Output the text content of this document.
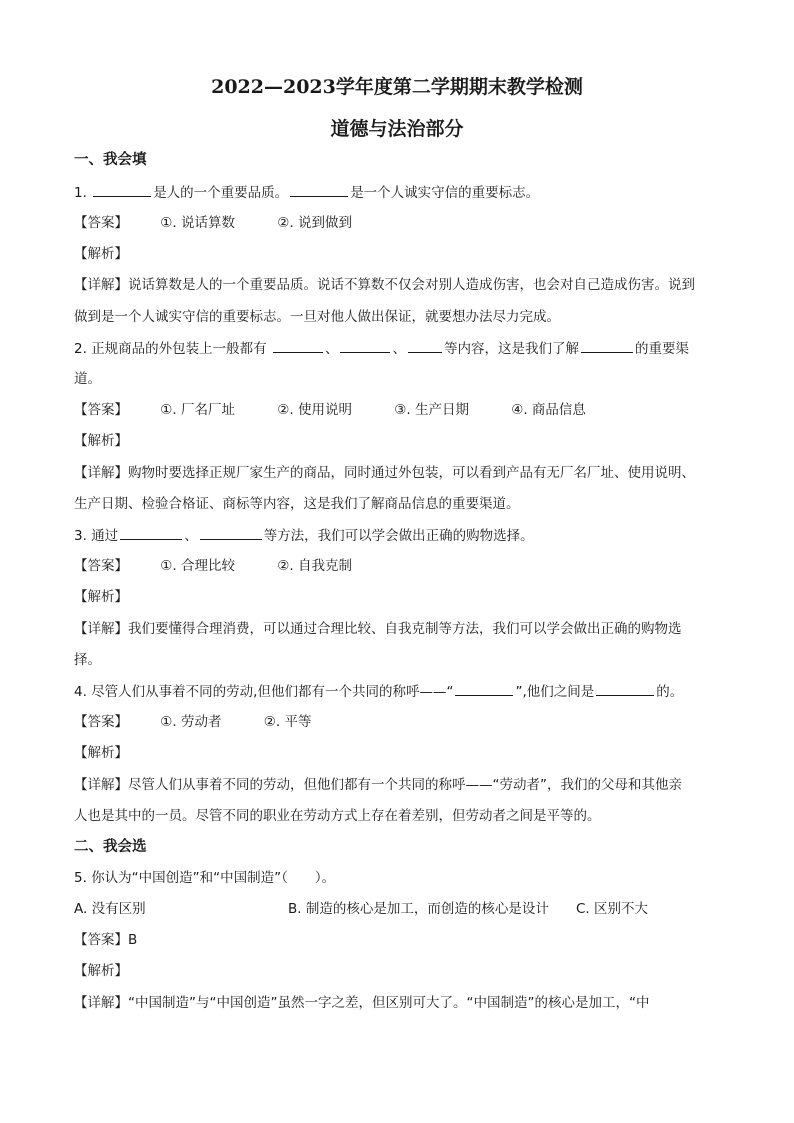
2022—2023学年度第二学期期末教学检测
道德与法治部分
一、我会填
1.	是人的一个重要品质。	是一个人诚实守信的重要标志。
【答案】 ①. 说话算数	②. 说到做到
【解析】
【详解】说话算数是人的一个重要品质。说话不算数不仅会对别人造成伤害，也会对自己造成伤害。说到
做到是一个人诚实守信的重要标志。一旦对他人做出保证，就要想办法尽力完成。
2. 正规商品的外包装上一般都有	、	、	等内容，这是我们了解	的重要渠
道。
【答案】 ①. 厂名厂址	②. 使用说明	③. 生产日期	④. 商品信息
【解析】
【详解】购物时要选择正规厂家生产的商品，同时通过外包装，可以看到产品有无厂名厂址、使用说明、
生产日期、检验合格证、商标等内容，这是我们了解商品信息的重要渠道。
3. 通过	、	等方法，我们可以学会做出正确的购物选择。
【答案】 ①. 合理比较	②. 自我克制
【解析】
【详解】我们要懂得合理消费，可以通过合理比较、自我克制等方法，我们可以学会做出正确的购物选
择。
4. 尽管人们从事着不同的劳动,但他们都有一个共同的称呼——“	”,他们之间是	的。
【答案】 ①. 劳动者	②. 平等
【解析】
【详解】尽管人们从事着不同的劳动，但他们都有一个共同的称呼——“劳动者”，我们的父母和其他亲
人也是其中的一员。尽管不同的职业在劳动方式上存在着差别，但劳动者之间是平等的。
二、我会选
5. 你认为“中国创造”和“中国制造”（　　）。
A. 没有区别	B. 制造的核心是加工，而创造的核心是设计 C. 区别不大
【答案】B
【解析】
【详解】“中国制造”与“中国创造”虽然一字之差，但区别可大了。“中国制造”的核心是加工，“中
